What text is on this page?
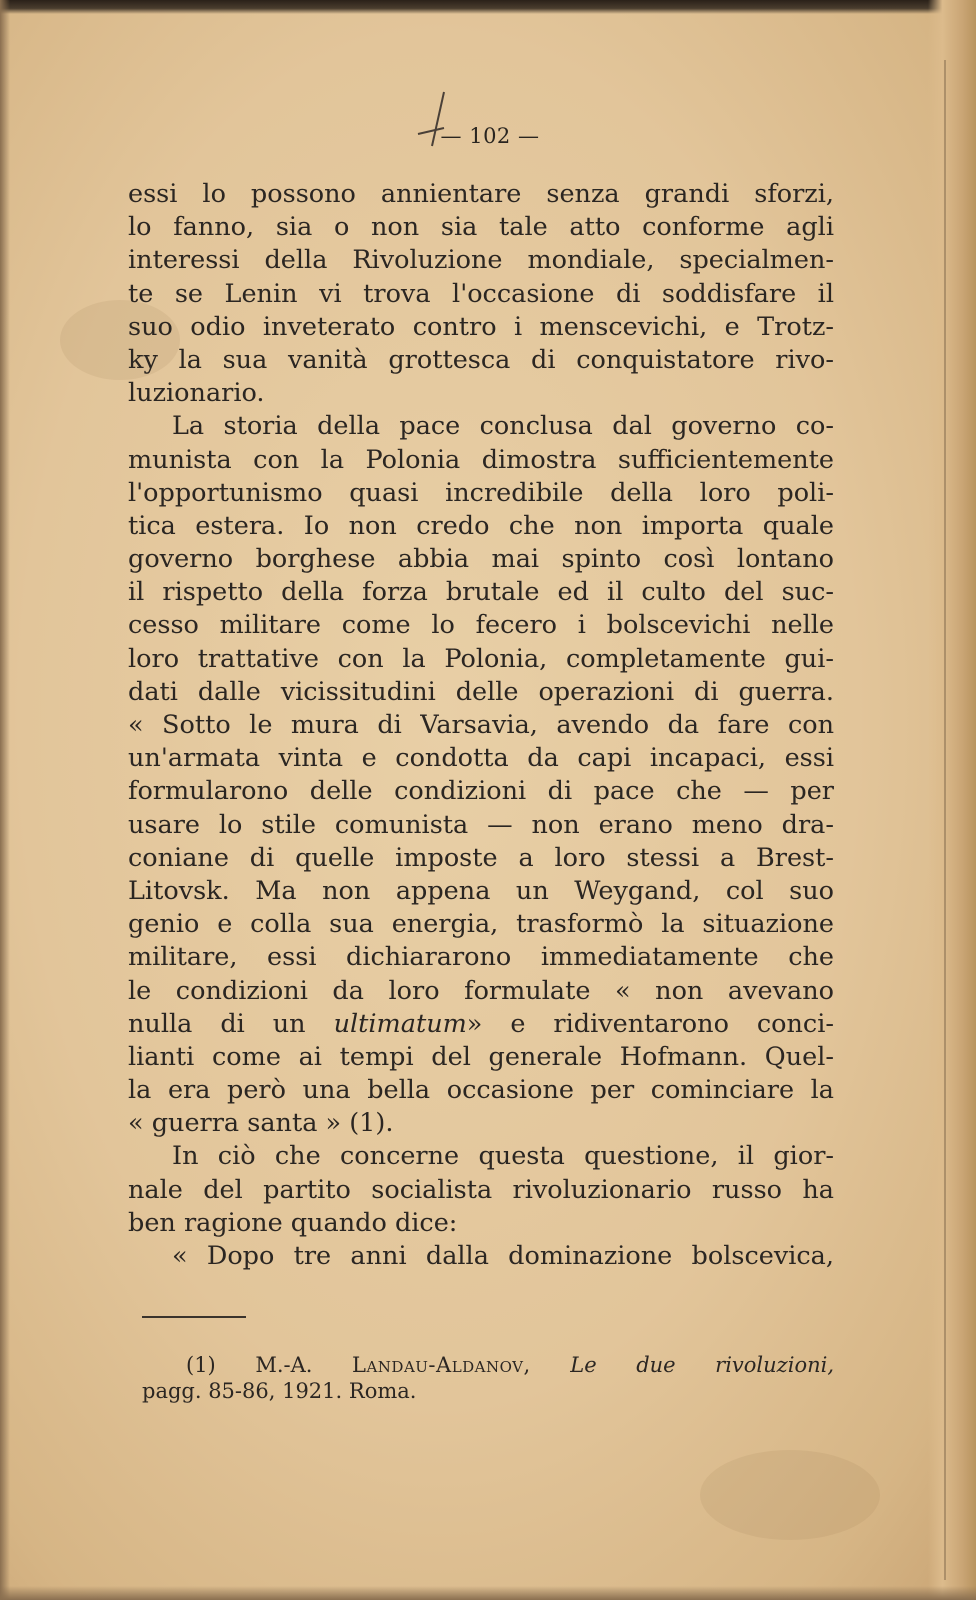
— 102 —
essi lo possono annientare senza grandi sforzi,
lo fanno, sia o non sia tale atto conforme agli
interessi della Rivoluzione mondiale, specialmen-
te se Lenin vi trova l'occasione di soddisfare il
suo odio inveterato contro i menscevichi, e Trotz-
ky la sua vanità grottesca di conquistatore rivo-
luzionario.
La storia della pace conclusa dal governo co-
munista con la Polonia dimostra sufficientemente
l'opportunismo quasi incredibile della loro poli-
tica estera. Io non credo che non importa quale
governo borghese abbia mai spinto così lontano
il rispetto della forza brutale ed il culto del suc-
cesso militare come lo fecero i bolscevichi nelle
loro trattative con la Polonia, completamente gui-
dati dalle vicissitudini delle operazioni di guerra.
« Sotto le mura di Varsavia, avendo da fare con
un'armata vinta e condotta da capi incapaci, essi
formularono delle condizioni di pace che — per
usare lo stile comunista — non erano meno dra-
coniane di quelle imposte a loro stessi a Brest-
Litovsk. Ma non appena un Weygand, col suo
genio e colla sua energia, trasformò la situazione
militare, essi dichiararono immediatamente che
le condizioni da loro formulate « non avevano
nulla di un ultimatum» e ridiventarono conci-
lianti come ai tempi del generale Hofmann. Quel-
la era però una bella occasione per cominciare la
« guerra santa » (1).
In ciò che concerne questa questione, il gior-
nale del partito socialista rivoluzionario russo ha
ben ragione quando dice:
« Dopo tre anni dalla dominazione bolscevica,
(1) M.-A. Landau-Aldanov, Le due rivoluzioni,
pagg. 85-86, 1921. Roma.
